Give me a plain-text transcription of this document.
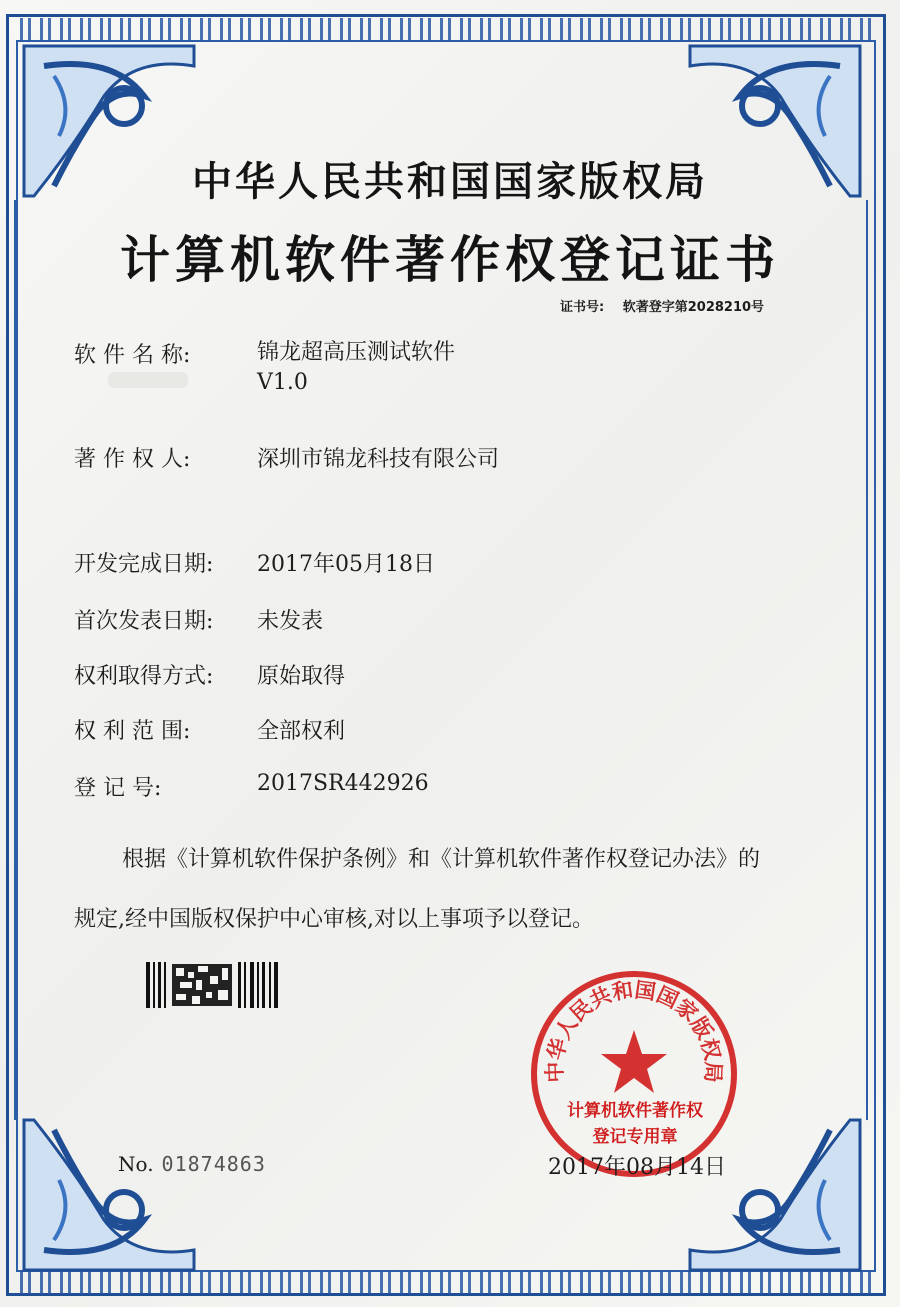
中华人民共和国国家版权局
计算机软件著作权登记证书
证书号: 软著登字第2028210号
软 件 名 称:	锦龙超高压测试软件
V1.0
著 作 权 人:	深圳市锦龙科技有限公司
开发完成日期: 2017年05月18日
首次发表日期: 未发表
权利取得方式: 原始取得
权 利 范 围:	全部权利
登 记 号:	2017SR442926
根据《计算机软件保护条例》和《计算机软件著作权登记办法》的
规定,经中国版权保护中心审核,对以上事项予以登记。
中华人民共和国国家版权局
计算机软件著作权
登记专用章
No. 01874863	2017年08月14日
